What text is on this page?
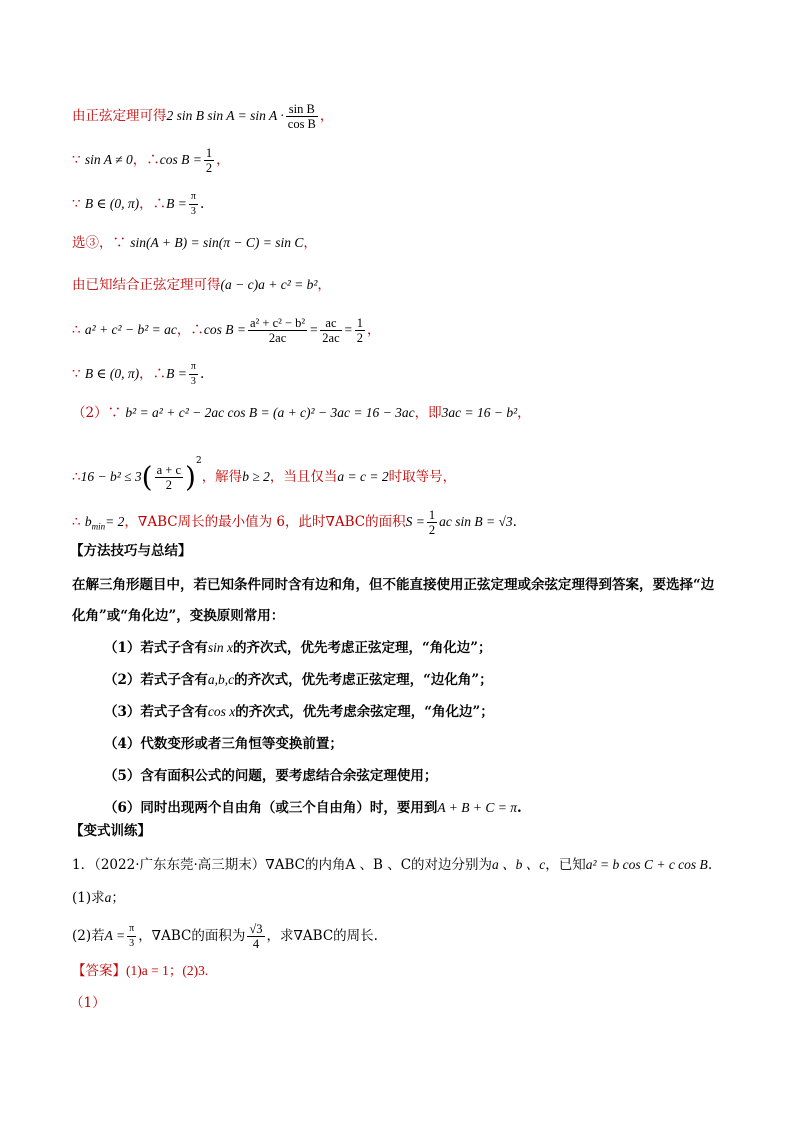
由正弦定理可得2 sin B $\sin A = \sin A \cdot \frac{\text{sin B}}{\text{cos B}}$ ，
∵ sin A ≠ 0，∴cos $B = \frac{1}{2}$ ，
∵ B ∈ (0, π)，∴B = $\frac{\pi}{3}$ .
选③，∵ sin(A + B) = sin(π − C) = sin C，
由已知结合正弦定理可得(a − c)a + c² = b²，
∴ a² + c² − b² = ac，∴cos $B = \frac{\text{a² + c² − b²}}{2ac} = \frac{ac}{2ac} = \frac{1}{2}$ ，
∵ B ∈ (0, π)，∴B = $\frac{\pi}{3}$ .
（2）∵ b² = a² + c² − 2ac cos B = (a + c)² − 3ac = 16 − 3ac，即3ac = 16 − b²，
∴16 − $b^2 \le 3( \frac{a + c}{2} )^2$，解得b ≥ 2，当且仅当a = c = 2时取等号，
∴ $b_{min}= 2$，∇ABC周长的最小值为 6，此时∇ABC的面积$S = \frac{1}{2}$ ac sin B = √3.
【方法技巧与总结】
在解三角形题目中，若已知条件同时含有边和角，但不能直接使用正弦定理或余弦定理得到答案，要选择“边
化角”或“角化边”，变换原则常用：
（1）若式子含有sin x的齐次式，优先考虑正弦定理，“角化边”；
（2）若式子含有a,b,c的齐次式，优先考虑正弦定理，“边化角”；
（3）若式子含有cos x的齐次式，优先考虑余弦定理，“角化边”；
（4）代数变形或者三角恒等变换前置；
（5）含有面积公式的问题，要考虑结合余弦定理使用；
（6）同时出现两个自由角（或三个自由角）时，要用到A + B + C = π.
【变式训练】
1．（2022·广东东莞·高三期末）∇ABC的内角A 、B 、C的对边分别为a 、b 、c，已知a² = b cos C + c cos B.
(1)求a；
(2)若$A = \frac{\pi}{3}$ ，∇ABC的面积为 $\frac{√3}{4}$ ，求∇ABC的周长.
【答案】(1)a = 1；(2)3.
（1）
